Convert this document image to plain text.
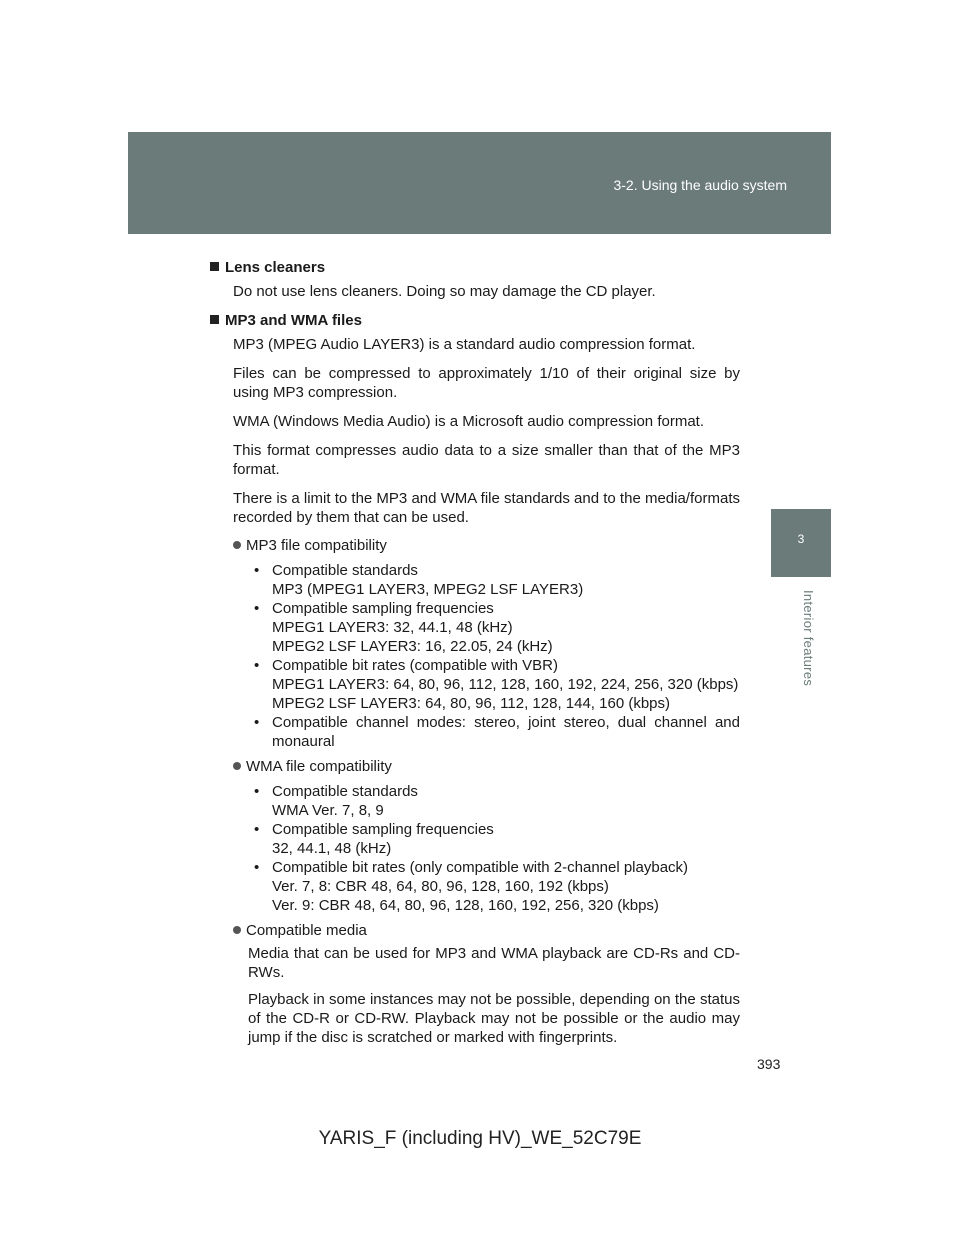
3-2. Using the audio system
3
Interior features
Lens cleaners

Do not use lens cleaners. Doing so may damage the CD player.

MP3 and WMA files

MP3 (MPEG Audio LAYER3) is a standard audio compression format.

Files can be compressed to approximately 1/10 of their original size by using MP3 compression.

WMA (Windows Media Audio) is a Microsoft audio compression format.

This format compresses audio data to a size smaller than that of the MP3 format.

There is a limit to the MP3 and WMA file standards and to the media/formats recorded by them that can be used.

MP3 file compatibility
• Compatible standards
MP3 (MPEG1 LAYER3, MPEG2 LSF LAYER3)
• Compatible sampling frequencies
MPEG1 LAYER3: 32, 44.1, 48 (kHz)
MPEG2 LSF LAYER3: 16, 22.05, 24 (kHz)
• Compatible bit rates (compatible with VBR)
MPEG1 LAYER3: 64, 80, 96, 112, 128, 160, 192, 224, 256, 320 (kbps)
MPEG2 LSF LAYER3: 64, 80, 96, 112, 128, 144, 160 (kbps)
• Compatible channel modes: stereo, joint stereo, dual channel and monaural
WMA file compatibility
• Compatible standards
WMA Ver. 7, 8, 9
• Compatible sampling frequencies
32, 44.1, 48 (kHz)
• Compatible bit rates (only compatible with 2-channel playback)
Ver. 7, 8: CBR 48, 64, 80, 96, 128, 160, 192 (kbps)
Ver. 9: CBR 48, 64, 80, 96, 128, 160, 192, 256, 320 (kbps)
Compatible media

Media that can be used for MP3 and WMA playback are CD-Rs and CD-RWs.

Playback in some instances may not be possible, depending on the status of the CD-R or CD-RW. Playback may not be possible or the audio may jump if the disc is scratched or marked with fingerprints.

393
YARIS_F (including HV)_WE_52C79E
